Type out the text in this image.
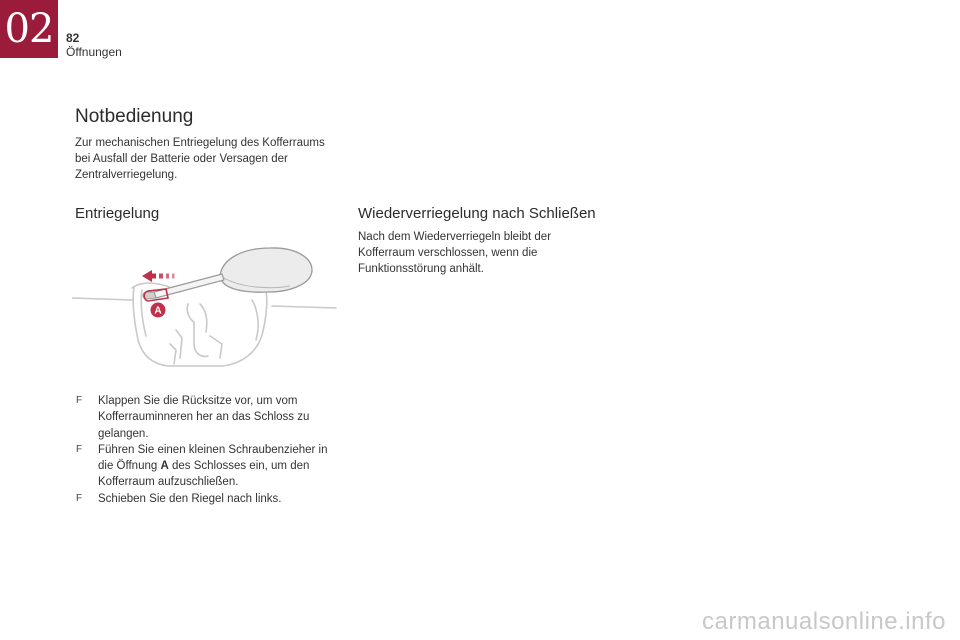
02	82
Öffnungen
Notbedienung

Zur mechanischen Entriegelung des Kofferraums bei Ausfall der Batterie oder Versagen der Zentralverriegelung.

Entriegelung	Wiederverriegelung nach Schließen

Nach dem Wiederverriegeln bleibt der Kofferraum verschlossen, wenn die Funktionsstörung anhält.

A
F Klappen Sie die Rücksitze vor, um vom Kofferrauminneren her an das Schloss zu gelangen.
F Führen Sie einen kleinen Schraubenzieher in die Öffnung A des Schlosses ein, um den Kofferraum aufzuschließen.
F Schieben Sie den Riegel nach links.
carmanualsonline.info
